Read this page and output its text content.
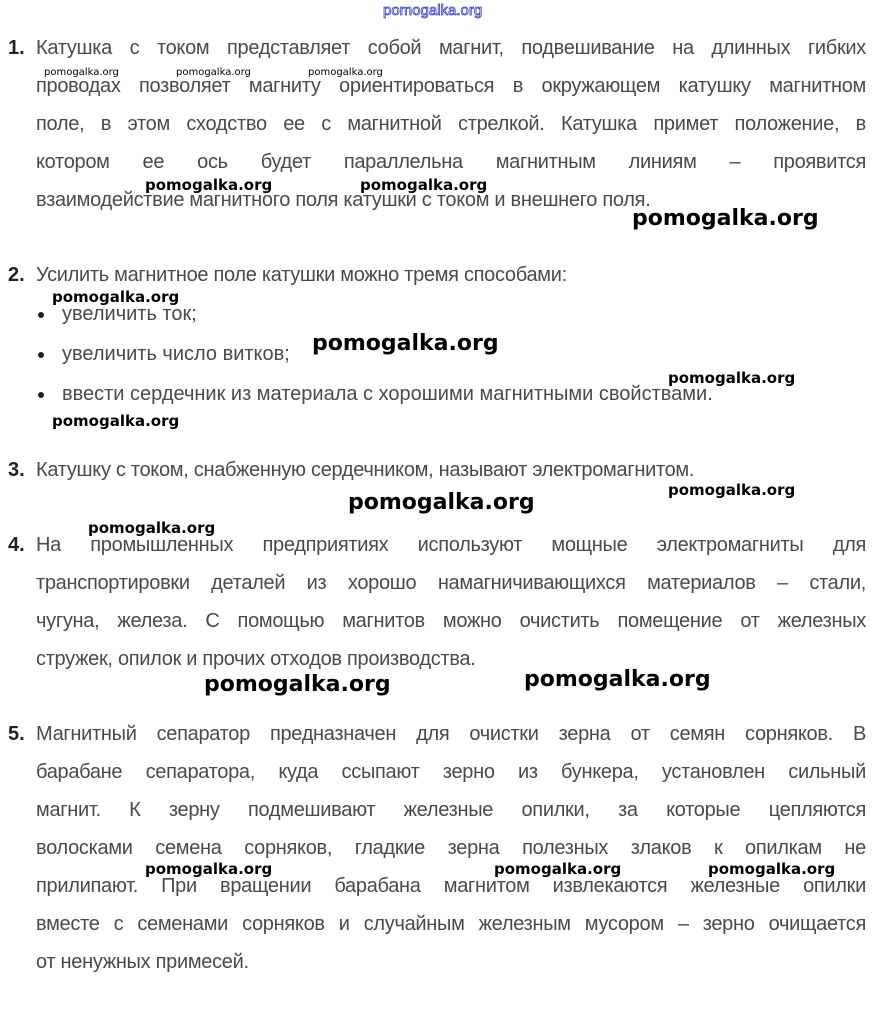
1. Катушка с током представляет собой магнит, подвешивание на длинных гибких
проводах позволяет магниту ориентироваться в окружающем катушку магнитном
поле, в этом сходство ее с магнитной стрелкой. Катушка примет положение, в
котором ее ось будет параллельна магнитным линиям – проявится
взаимодействие магнитного поля катушки с током и внешнего поля.
2. Усилить магнитное поле катушки можно тремя способами:
увеличить ток;
увеличить число витков;
ввести сердечник из материала с хорошими магнитными свойствами.
3. Катушку с током, снабженную сердечником, называют электромагнитом.
4. На промышленных предприятиях используют мощные электромагниты для
транспортировки деталей из хорошо намагничивающихся материалов – стали,
чугуна, железа. С помощью магнитов можно очистить помещение от железных
стружек, опилок и прочих отходов производства.
5. Магнитный сепаратор предназначен для очистки зерна от семян сорняков. В
барабане сепаратора, куда ссыпают зерно из бункера, установлен сильный
магнит. К зерну подмешивают железные опилки, за которые цепляются
волосками семена сорняков, гладкие зерна полезных злаков к опилкам не
прилипают. При вращении барабана магнитом извлекаются железные опилки
вместе с семенами сорняков и случайным железным мусором – зерно очищается
от ненужных примесей.
pomogalka.org
pomogalka.org	pomogalka.org	pomogalka.org
pomogalka.org	pomogalka.org
pomogalka.org
pomogalka.org
pomogalka.org
pomogalka.org
pomogalka.org
pomogalka.org	pomogalka.org
pomogalka.org
pomogalka.org	pomogalka.org
pomogalka.org	pomogalka.org	pomogalka.org
